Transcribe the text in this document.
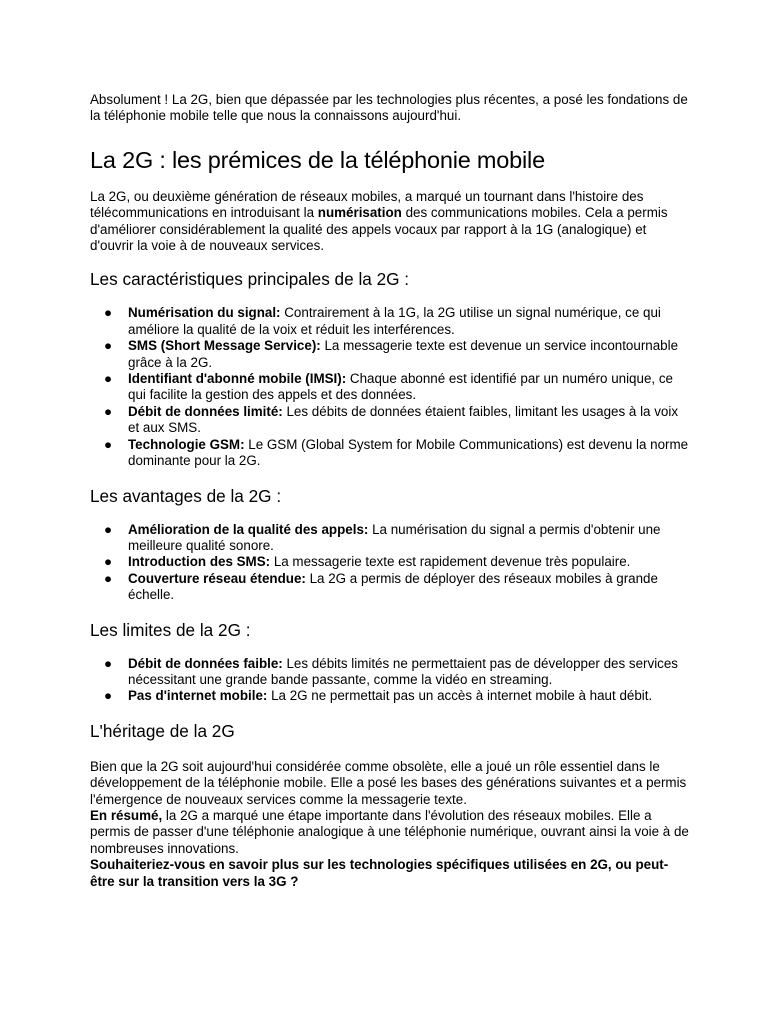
Absolument ! La 2G, bien que dépassée par les technologies plus récentes, a posé les fondations de la téléphonie mobile telle que nous la connaissons aujourd'hui.

La 2G : les prémices de la téléphonie mobile

La 2G, ou deuxième génération de réseaux mobiles, a marqué un tournant dans l'histoire des télécommunications en introduisant la numérisation des communications mobiles. Cela a permis d'améliorer considérablement la qualité des appels vocaux par rapport à la 1G (analogique) et d'ouvrir la voie à de nouveaux services.

Les caractéristiques principales de la 2G :
● Numérisation du signal: Contrairement à la 1G, la 2G utilise un signal numérique, ce qui améliore la qualité de la voix et réduit les interférences.
● SMS (Short Message Service): La messagerie texte est devenue un service incontournable grâce à la 2G.
● Identifiant d'abonné mobile (IMSI): Chaque abonné est identifié par un numéro unique, ce qui facilite la gestion des appels et des données.
● Débit de données limité: Les débits de données étaient faibles, limitant les usages à la voix et aux SMS.
● Technologie GSM: Le GSM (Global System for Mobile Communications) est devenu la norme dominante pour la 2G.
Les avantages de la 2G :
● Amélioration de la qualité des appels: La numérisation du signal a permis d'obtenir une meilleure qualité sonore.
● Introduction des SMS: La messagerie texte est rapidement devenue très populaire.
● Couverture réseau étendue: La 2G a permis de déployer des réseaux mobiles à grande échelle.
Les limites de la 2G :
● Débit de données faible: Les débits limités ne permettaient pas de développer des services nécessitant une grande bande passante, comme la vidéo en streaming.
● Pas d'internet mobile: La 2G ne permettait pas un accès à internet mobile à haut débit.
L'héritage de la 2G

Bien que la 2G soit aujourd'hui considérée comme obsolète, elle a joué un rôle essentiel dans le développement de la téléphonie mobile. Elle a posé les bases des générations suivantes et a permis l'émergence de nouveaux services comme la messagerie texte.

En résumé, la 2G a marqué une étape importante dans l'évolution des réseaux mobiles. Elle a permis de passer d'une téléphonie analogique à une téléphonie numérique, ouvrant ainsi la voie à de nombreuses innovations.

Souhaiteriez-vous en savoir plus sur les technologies spécifiques utilisées en 2G, ou peut-être sur la transition vers la 3G ?
